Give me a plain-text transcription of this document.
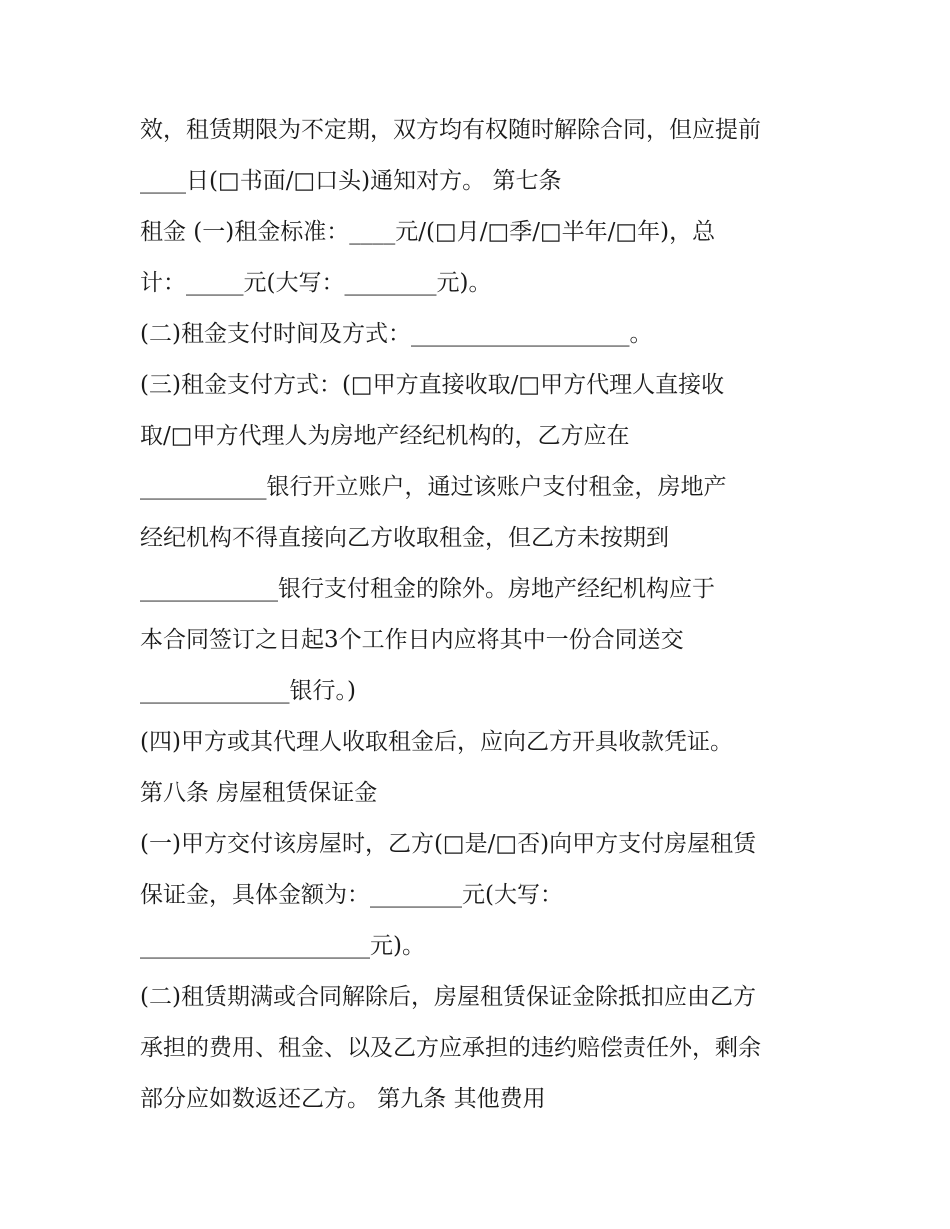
效，租赁期限为不定期，双方均有权随时解除合同，但应提前
____日(□书面/□口头)通知对方。 第七条
租金 (一)租金标准：____元/(□月/□季/□半年/□年)，总
计：_____元(大写：________元)。
(二)租金支付时间及方式：___________________。
(三)租金支付方式：(□甲方直接收取/□甲方代理人直接收
取/□甲方代理人为房地产经纪机构的，乙方应在
___________银行开立账户，通过该账户支付租金，房地产
经纪机构不得直接向乙方收取租金，但乙方未按期到
____________银行支付租金的除外。房地产经纪机构应于
本合同签订之日起3个工作日内应将其中一份合同送交
_____________银行。)
(四)甲方或其代理人收取租金后，应向乙方开具收款凭证。
第八条 房屋租赁保证金
(一)甲方交付该房屋时，乙方(□是/□否)向甲方支付房屋租赁
保证金，具体金额为：________元(大写：
____________________元)。
(二)租赁期满或合同解除后，房屋租赁保证金除抵扣应由乙方
承担的费用、租金、以及乙方应承担的违约赔偿责任外，剩余
部分应如数返还乙方。 第九条 其他费用
